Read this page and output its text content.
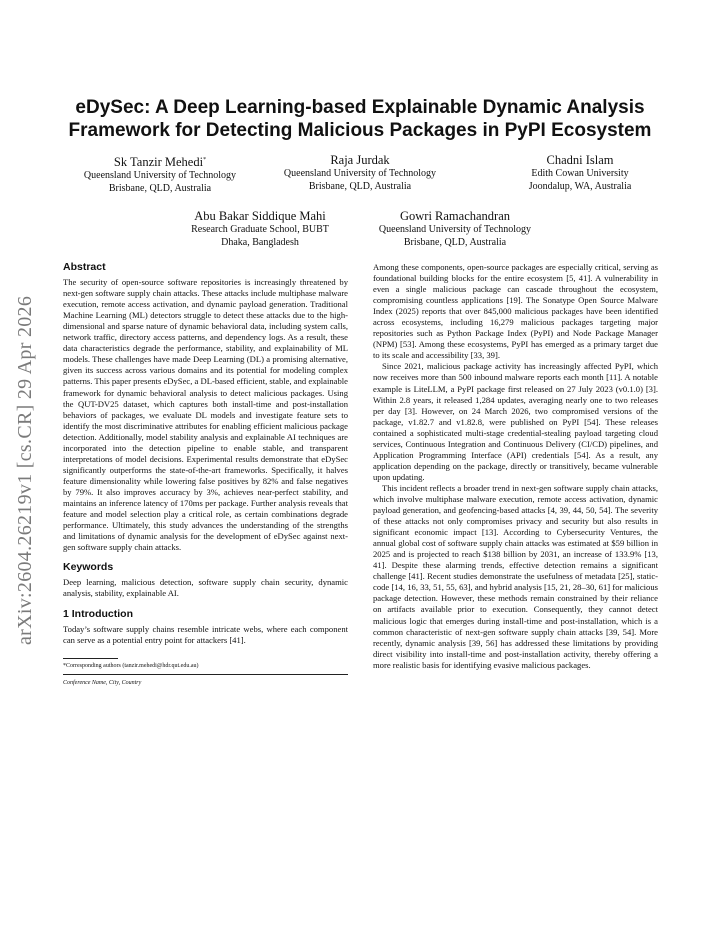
arXiv:2604.26219v1 [cs.CR] 29 Apr 2026
eDySec: A Deep Learning-based Explainable Dynamic Analysis
Framework for Detecting Malicious Packages in PyPI Ecosystem
Sk Tanzir Mehedi*
Queensland University of Technology
Brisbane, QLD, Australia
Raja Jurdak
Queensland University of Technology
Brisbane, QLD, Australia
Chadni Islam
Edith Cowan University
Joondalup, WA, Australia
Abu Bakar Siddique Mahi
Research Graduate School, BUBT
Dhaka, Bangladesh
Gowri Ramachandran
Queensland University of Technology
Brisbane, QLD, Australia
Abstract

The security of open-source software repositories is increasingly threatened by next-gen software supply chain attacks. These attacks include multiphase malware execution, remote access activation, and dynamic payload generation. Traditional Machine Learning (ML) detectors struggle to detect these attacks due to the high-dimensional and sparse nature of dynamic behavioral data, including system calls, network traffic, directory access patterns, and dependency logs. As a result, these data characteristics degrade the performance, stability, and explainability of ML models. These challenges have made Deep Learning (DL) a promising alternative, given its success across various domains and its potential for modeling complex patterns. This paper presents eDySec, a DL-based efficient, stable, and explainable framework for dynamic behavioral analysis to detect malicious packages. Using the QUT-DV25 dataset, which captures both install-time and post-installation behaviors of packages, we evaluate DL models and investigate feature sets to identify the most discriminative attributes for enabling efficient malicious package detection. Additionally, model stability analysis and explainable AI techniques are incorporated into the detection pipeline to enable stable, and transparent interpretations of model decisions. Experimental results demonstrate that eDySec significantly outperforms the state-of-the-art frameworks. Specifically, it halves feature dimensionality while lowering false positives by 82% and false negatives by 79%. It also improves accuracy by 3%, achieves near-perfect stability, and maintains an inference latency of 170ms per package. Further analysis reveals that feature and model selection play a critical role, as certain combinations degrade performance. Ultimately, this study advances the understanding of the strengths and limitations of dynamic analysis for the development of eDySec against next-gen software supply chain attacks.

Keywords

Deep learning, malicious detection, software supply chain security, dynamic analysis, stability, explainable AI.

1 Introduction

Today’s software supply chains resemble intricate webs, where each component can serve as a potential entry point for attackers [41].

*Corresponding authors (tanzir.mehedi@hdr.qut.edu.au)
Conference Name, City, Country

Among these components, open-source packages are especially critical, serving as foundational building blocks for the entire ecosystem [5, 41]. A vulnerability in even a single malicious package can cascade throughout the ecosystem, compromising countless applications [19]. The Sonatype Open Source Malware Index (2025) reports that over 845,000 malicious packages have been identified across ecosystems, including 16,279 malicious packages targeting major repositories such as Python Package Index (PyPI) and Node Package Manager (NPM) [53]. Among these ecosystems, PyPI has emerged as a primary target due to its scale and accessibility [33, 39].

Since 2021, malicious package activity has increasingly affected PyPI, which now receives more than 500 inbound malware reports each month [11]. A notable example is LiteLLM, a PyPI package first released on 27 July 2023 (v0.1.0) [3]. Within 2.8 years, it released 1,284 updates, averaging nearly one to two releases per day [3]. However, on 24 March 2026, two compromised versions of the package, v1.82.7 and v1.82.8, were published on PyPI [54]. These releases contained a sophisticated multi-stage credential-stealing payload targeting cloud services, Continuous Integration and Continuous Delivery (CI/CD) pipelines, and Application Programming Interface (API) credentials [54]. As a result, any application depending on the package, directly or transitively, became vulnerable upon updating.

This incident reflects a broader trend in next-gen software supply chain attacks, which involve multiphase malware execution, remote access activation, dynamic payload generation, and geofencing-based attacks [4, 39, 44, 50, 54]. The severity of these attacks not only compromises privacy and security but also results in significant economic impact [13]. According to Cybersecurity Ventures, the annual global cost of software supply chain attacks was estimated at $59 billion in 2025 and is projected to reach $138 billion by 2031, an increase of 133.9% [13, 41]. Despite these alarming trends, effective detection remains a significant challenge [41]. Recent studies demonstrate the usefulness of metadata [25], static-code [14, 16, 33, 51, 55, 63], and hybrid analysis [15, 21, 28–30, 61] for malicious package detection. However, these methods remain constrained by their reliance on artifacts available prior to execution. Consequently, they cannot detect malicious logic that emerges during install-time and post-installation, which is a common characteristic of next-gen software supply chain attacks [39, 54]. More recently, dynamic analysis [39, 56] has addressed these limitations by providing direct visibility into install-time and post-installation activity, thereby offering a more realistic basis for identifying evasive malicious packages.
